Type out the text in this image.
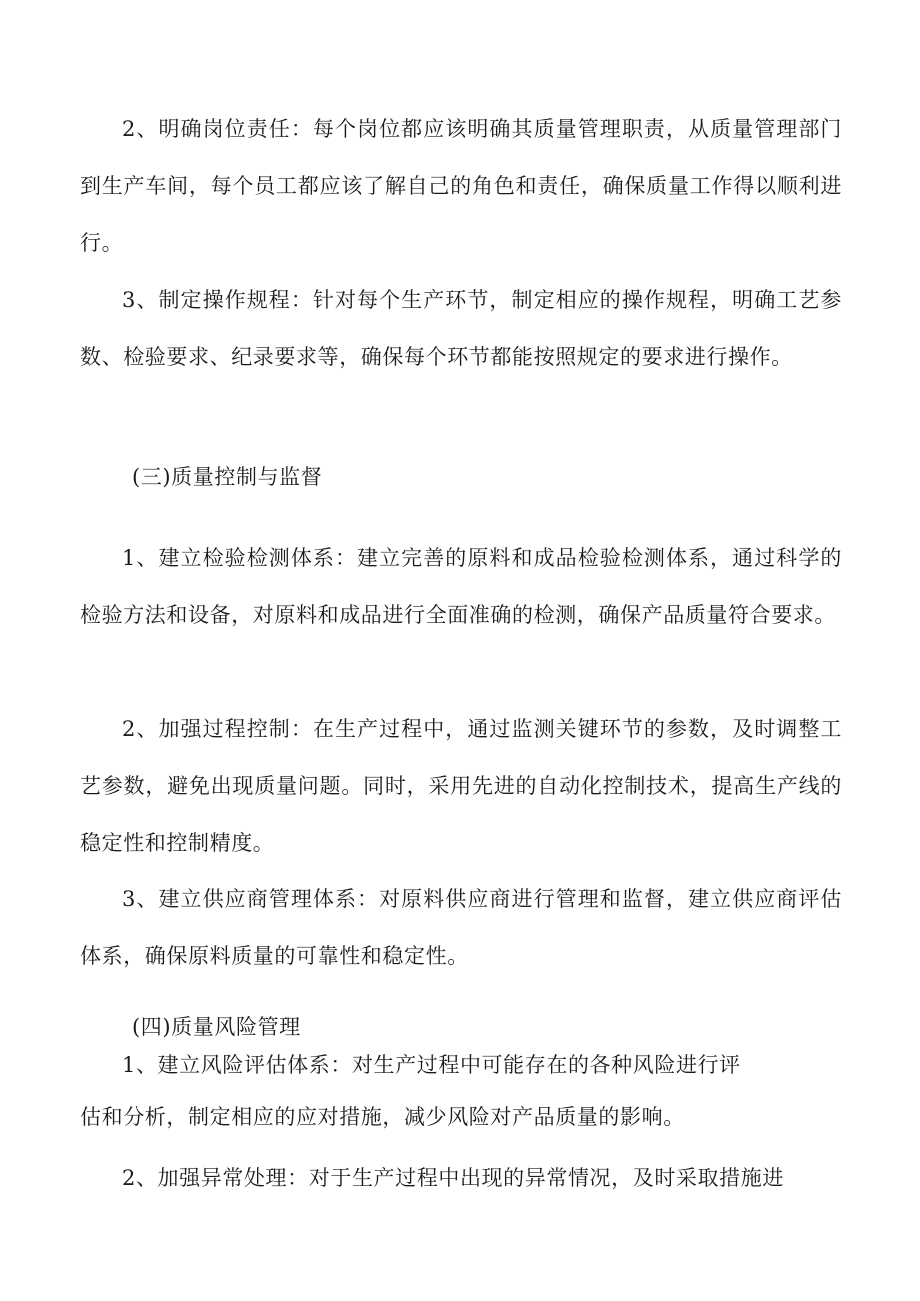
2、明确岗位责任：每个岗位都应该明确其质量管理职责，从质量管理部门到生产车间，每个员工都应该了解自己的角色和责任，确保质量工作得以顺利进行。

3、制定操作规程：针对每个生产环节，制定相应的操作规程，明确工艺参数、检验要求、纪录要求等，确保每个环节都能按照规定的要求进行操作。

(三)质量控制与监督

1、建立检验检测体系：建立完善的原料和成品检验检测体系，通过科学的检验方法和设备，对原料和成品进行全面准确的检测，确保产品质量符合要求。

2、加强过程控制：在生产过程中，通过监测关键环节的参数，及时调整工艺参数，避免出现质量问题。同时，采用先进的自动化控制技术，提高生产线的稳定性和控制精度。

3、建立供应商管理体系：对原料供应商进行管理和监督，建立供应商评估体系，确保原料质量的可靠性和稳定性。

(四)质量风险管理

1、建立风险评估体系：对生产过程中可能存在的各种风险进行评

估和分析，制定相应的应对措施，减少风险对产品质量的影响。

2、加强异常处理：对于生产过程中出现的异常情况，及时采取措施进
